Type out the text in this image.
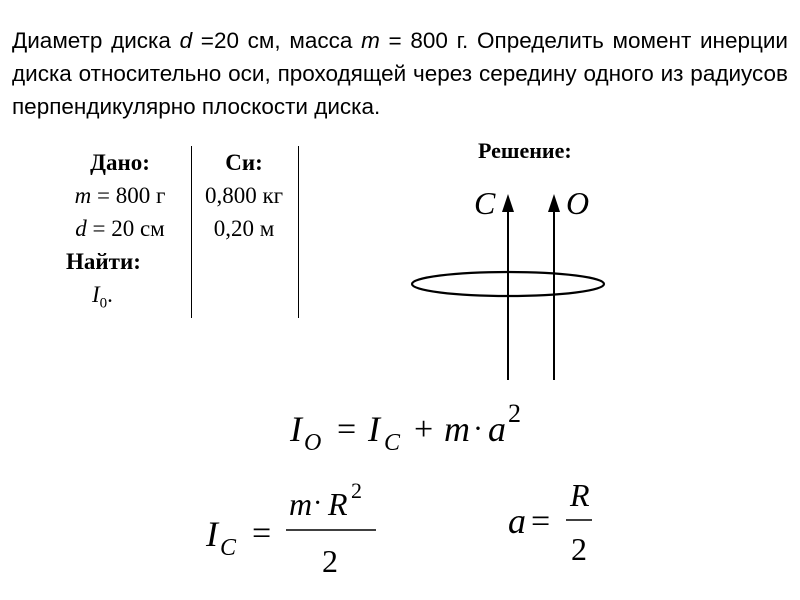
Диаметр диска d =20 см, масса m = 800 г. Определить момент инерции диска относительно оси, проходящей через середину одного из радиусов перпендикулярно плоскости диска.
Дано:
m = 800 г
d = 20 см
Найти:
$I_0$.
Си:
0,800 кг
0,20 м
Решение:
C O
I O = I C + m · a 2
I C =
m · R 2
2
a =
R
2
